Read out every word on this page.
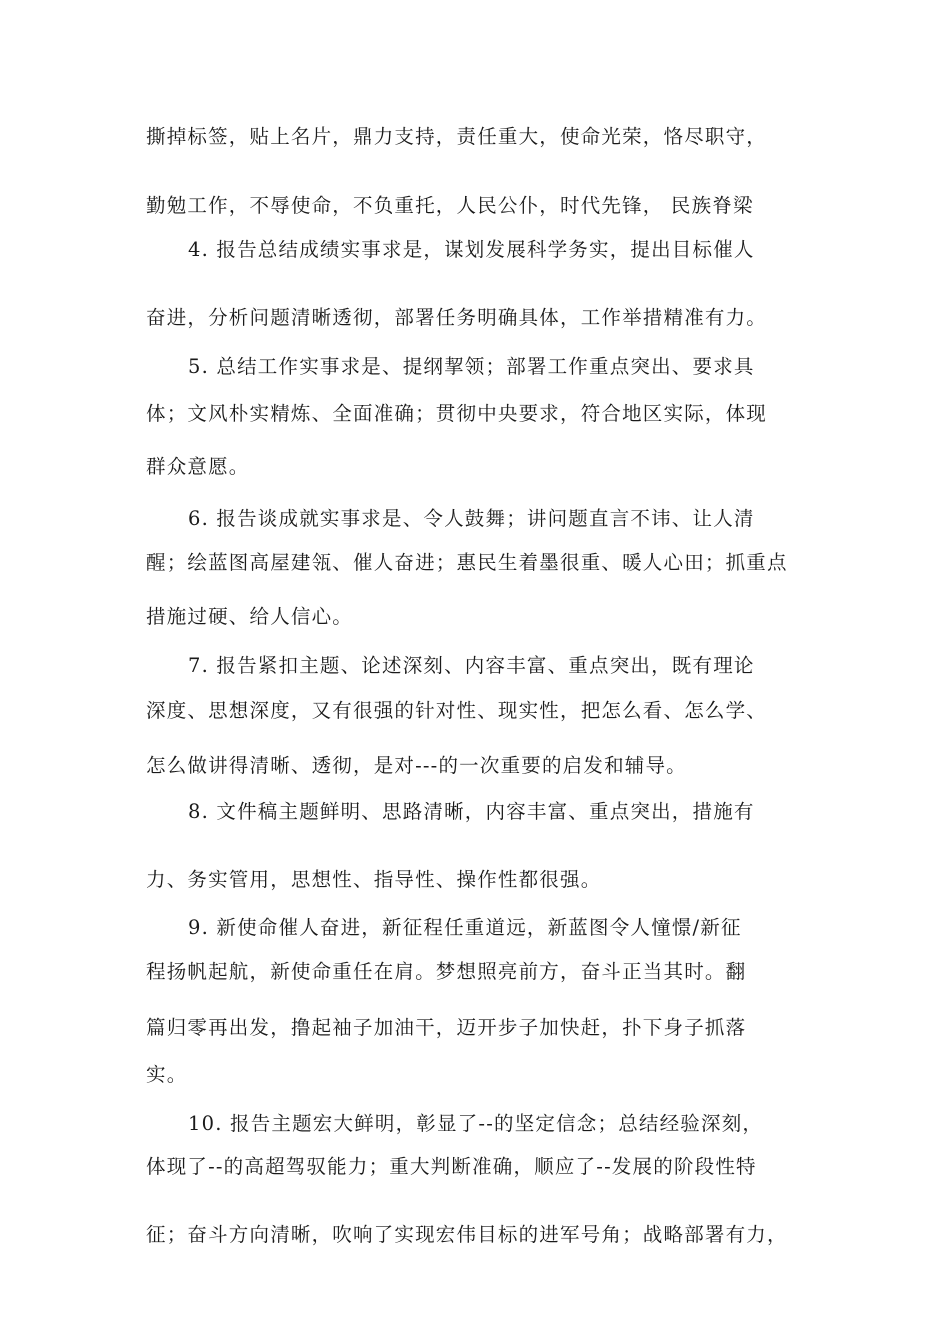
撕掉标签，贴上名片，鼎力支持，责任重大，使命光荣，恪尽职守，
勤勉工作，不辱使命，不负重托，人民公仆，时代先锋， 民族脊梁
4. 报告总结成绩实事求是，谋划发展科学务实，提出目标催人
奋进，分析问题清晰透彻，部署任务明确具体，工作举措精准有力。
5. 总结工作实事求是、提纲挈领；部署工作重点突出、要求具
体；文风朴实精炼、全面准确；贯彻中央要求，符合地区实际，体现
群众意愿。
6. 报告谈成就实事求是、令人鼓舞；讲问题直言不讳、让人清
醒；绘蓝图高屋建瓴、催人奋进；惠民生着墨很重、暖人心田；抓重点
措施过硬、给人信心。
7. 报告紧扣主题、论述深刻、内容丰富、重点突出，既有理论
深度、思想深度，又有很强的针对性、现实性，把怎么看、怎么学、
怎么做讲得清晰、透彻，是对---的一次重要的启发和辅导。
8. 文件稿主题鲜明、思路清晰，内容丰富、重点突出，措施有
力、务实管用，思想性、指导性、操作性都很强。
9. 新使命催人奋进，新征程任重道远，新蓝图令人憧憬/新征
程扬帆起航，新使命重任在肩。梦想照亮前方，奋斗正当其时。翻
篇归零再出发，撸起袖子加油干，迈开步子加快赶，扑下身子抓落
实。
10. 报告主题宏大鲜明，彰显了--的坚定信念；总结经验深刻，
体现了--的高超驾驭能力；重大判断准确，顺应了--发展的阶段性特
征；奋斗方向清晰，吹响了实现宏伟目标的进军号角；战略部署有力，
